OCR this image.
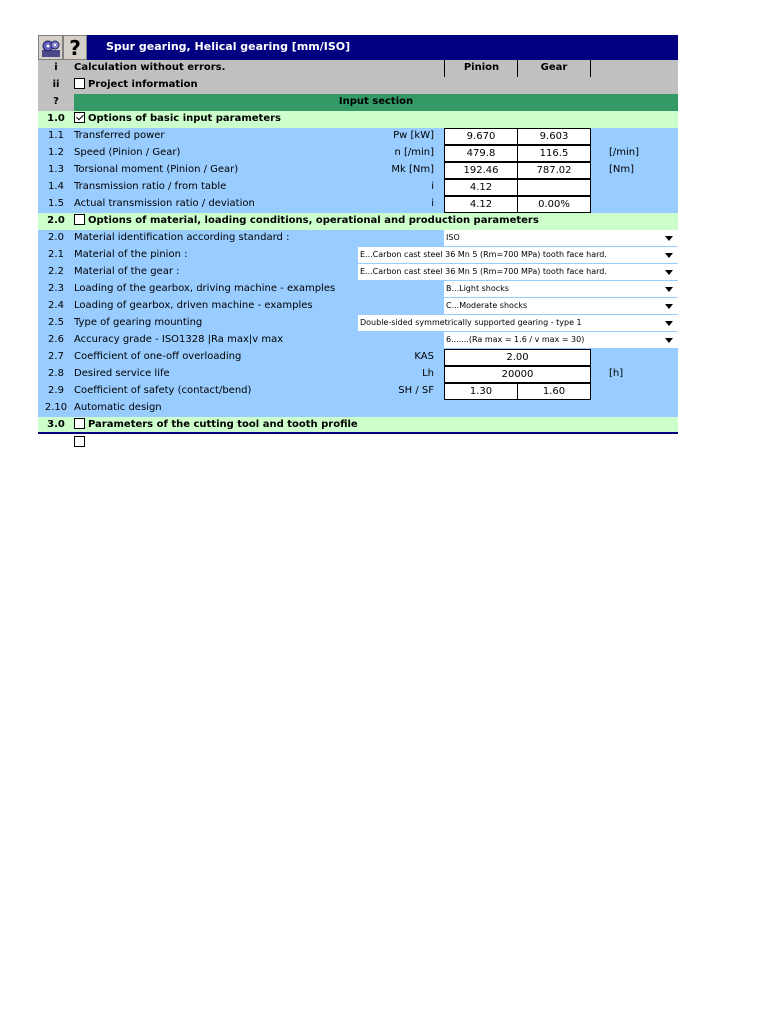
?	Spur gearing, Helical gearing [mm/ISO]
i	Calculation without errors.	Pinion	Gear
ii	Project information
?	Input section
1.0	Options of basic input parameters
1.1	Transferred power	Pw [kW]	9.670	9.603
1.2	Speed (Pinion / Gear)	n [/min]	479.8	116.5	[/min]
1.3	Torsional moment (Pinion / Gear)	Mk [Nm]	192.46	787.02	[Nm]
1.4	Transmission ratio / from table	i	4.12
1.5	Actual transmission ratio / deviation	i	4.12	0.00%
2.0	Options of material, loading conditions, operational and production parameters
2.0	Material identification according standard :	ISO
2.1	Material of the pinion :	E...Carbon cast steel 36 Mn 5 (Rm=700 MPa) tooth face hard.
2.2	Material of the gear :	E...Carbon cast steel 36 Mn 5 (Rm=700 MPa) tooth face hard.
2.3	Loading of the gearbox, driving machine - examples	B...Light shocks
2.4	Loading of gearbox, driven machine - examples	C...Moderate shocks
2.5	Type of gearing mounting	Double-sided symmetrically supported gearing - type 1
2.6	Accuracy grade - ISO1328 |Ra max|v max	6.......(Ra max = 1.6 / v max = 30)
2.7	Coefficient of one-off overloading	KAS	2.00
2.8	Desired service life	Lh	20000	[h]
2.9	Coefficient of safety (contact/bend)	SH / SF	1.30	1.60
2.10 Automatic design
3.0	Parameters of the cutting tool and tooth profile
